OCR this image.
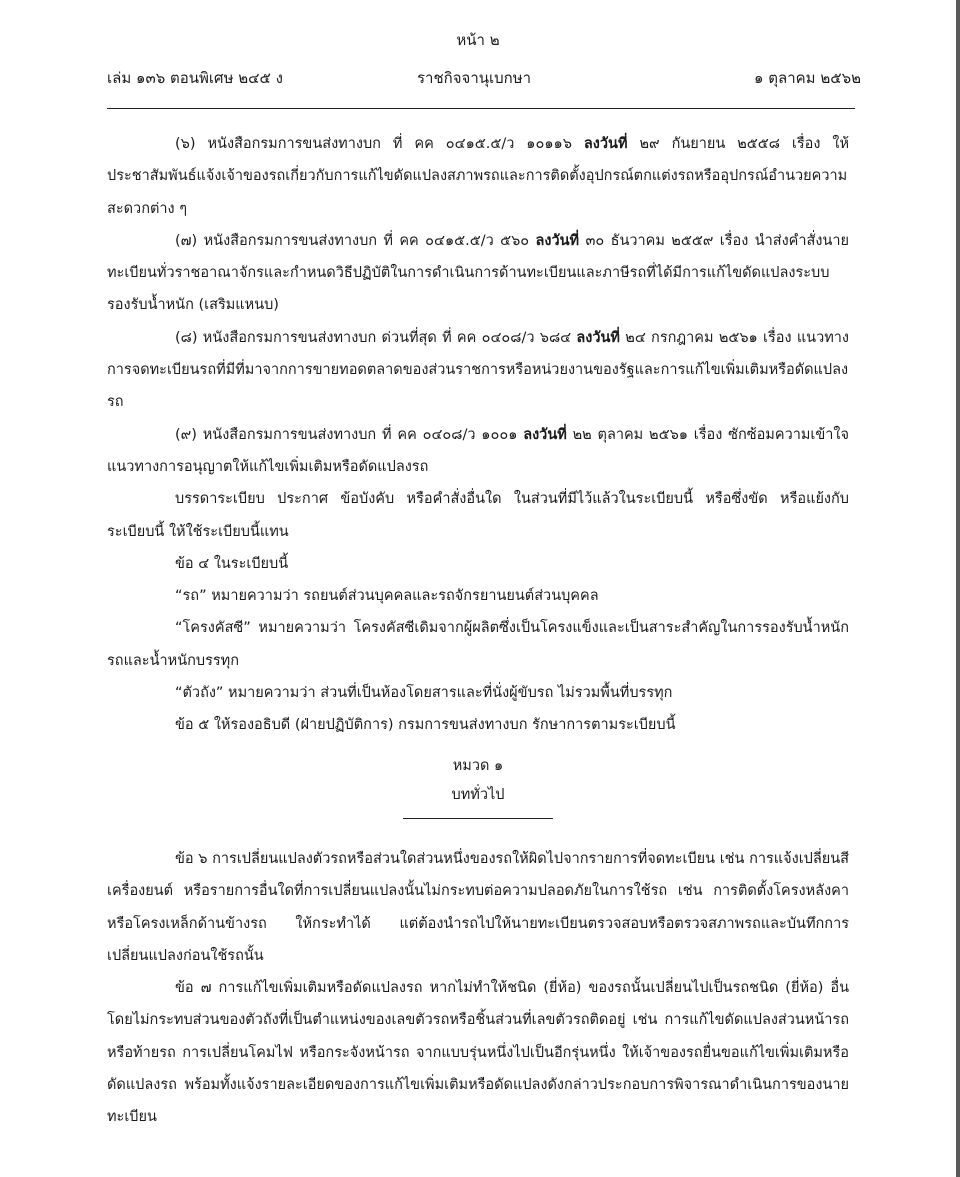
หน้า ๒
เล่ม ๑๓๖ ตอนพิเศษ ๒๔๕ ง	ราชกิจจานุเบกษา	๑ ตุลาคม ๒๕๖๒

(๖) หนังสือกรมการขนส่งทางบก ที่ คค ๐๔๑๕.๕/ว ๑๐๑๑๖ ลงวันที่ ๒๙ กันยายน ๒๕๕๘ เรื่อง ให้ประชาสัมพันธ์แจ้งเจ้าของรถเกี่ยวกับการแก้ไขดัดแปลงสภาพรถและการติดตั้งอุปกรณ์ตกแต่งรถหรืออุปกรณ์อำนวยความสะดวกต่าง ๆ

(๗) หนังสือกรมการขนส่งทางบก ที่ คค ๐๔๑๕.๕/ว ๕๖๐ ลงวันที่ ๓๐ ธันวาคม ๒๕๕๙ เรื่อง นำส่งคำสั่งนายทะเบียนทั่วราชอาณาจักรและกำหนดวิธีปฏิบัติในการดำเนินการด้านทะเบียนและภาษีรถที่ได้มีการแก้ไขดัดแปลงระบบรองรับน้ำหนัก (เสริมแหนบ)

(๘) หนังสือกรมการขนส่งทางบก ด่วนที่สุด ที่ คค ๐๔๐๘/ว ๖๘๔ ลงวันที่ ๒๔ กรกฎาคม ๒๕๖๑ เรื่อง แนวทางการจดทะเบียนรถที่มีที่มาจากการขายทอดตลาดของส่วนราชการหรือหน่วยงานของรัฐและการแก้ไขเพิ่มเติมหรือดัดแปลงรถ

(๙) หนังสือกรมการขนส่งทางบก ที่ คค ๐๔๐๘/ว ๑๐๐๑ ลงวันที่ ๒๒ ตุลาคม ๒๕๖๑ เรื่อง ซักซ้อมความเข้าใจแนวทางการอนุญาตให้แก้ไขเพิ่มเติมหรือดัดแปลงรถ

บรรดาระเบียบ ประกาศ ข้อบังคับ หรือคำสั่งอื่นใด ในส่วนที่มีไว้แล้วในระเบียบนี้ หรือซึ่งขัด หรือแย้งกับระเบียบนี้ ให้ใช้ระเบียบนี้แทน

ข้อ ๔ ในระเบียบนี้

“รถ” หมายความว่า รถยนต์ส่วนบุคคลและรถจักรยานยนต์ส่วนบุคคล

“โครงคัสซี” หมายความว่า โครงคัสซีเดิมจากผู้ผลิตซึ่งเป็นโครงแข็งและเป็นสาระสำคัญในการรองรับน้ำหนักรถและน้ำหนักบรรทุก

“ตัวถัง” หมายความว่า ส่วนที่เป็นห้องโดยสารและที่นั่งผู้ขับรถ ไม่รวมพื้นที่บรรทุก

ข้อ ๕ ให้รองอธิบดี (ฝ่ายปฏิบัติการ) กรมการขนส่งทางบก รักษาการตามระเบียบนี้

หมวด ๑

บททั่วไป

ข้อ ๖ การเปลี่ยนแปลงตัวรถหรือส่วนใดส่วนหนึ่งของรถให้ผิดไปจากรายการที่จดทะเบียน เช่น การแจ้งเปลี่ยนสี เครื่องยนต์ หรือรายการอื่นใดที่การเปลี่ยนแปลงนั้นไม่กระทบต่อความปลอดภัยในการใช้รถ เช่น การติดตั้งโครงหลังคาหรือโครงเหล็กด้านข้างรถ ให้กระทำได้ แต่ต้องนำรถไปให้นายทะเบียนตรวจสอบหรือตรวจสภาพรถและบันทึกการเปลี่ยนแปลงก่อนใช้รถนั้น

ข้อ ๗ การแก้ไขเพิ่มเติมหรือดัดแปลงรถ หากไม่ทำให้ชนิด (ยี่ห้อ) ของรถนั้นเปลี่ยนไปเป็นรถชนิด (ยี่ห้อ) อื่น โดยไม่กระทบส่วนของตัวถังที่เป็นตำแหน่งของเลขตัวรถหรือชิ้นส่วนที่เลขตัวรถติดอยู่ เช่น การแก้ไขดัดแปลงส่วนหน้ารถ หรือท้ายรถ การเปลี่ยนโคมไฟ หรือกระจังหน้ารถ จากแบบรุ่นหนึ่งไปเป็นอีกรุ่นหนึ่ง ให้เจ้าของรถยื่นขอแก้ไขเพิ่มเติมหรือดัดแปลงรถ พร้อมทั้งแจ้งรายละเอียดของการแก้ไขเพิ่มเติมหรือดัดแปลงดังกล่าวประกอบการพิจารณาดำเนินการของนายทะเบียน
